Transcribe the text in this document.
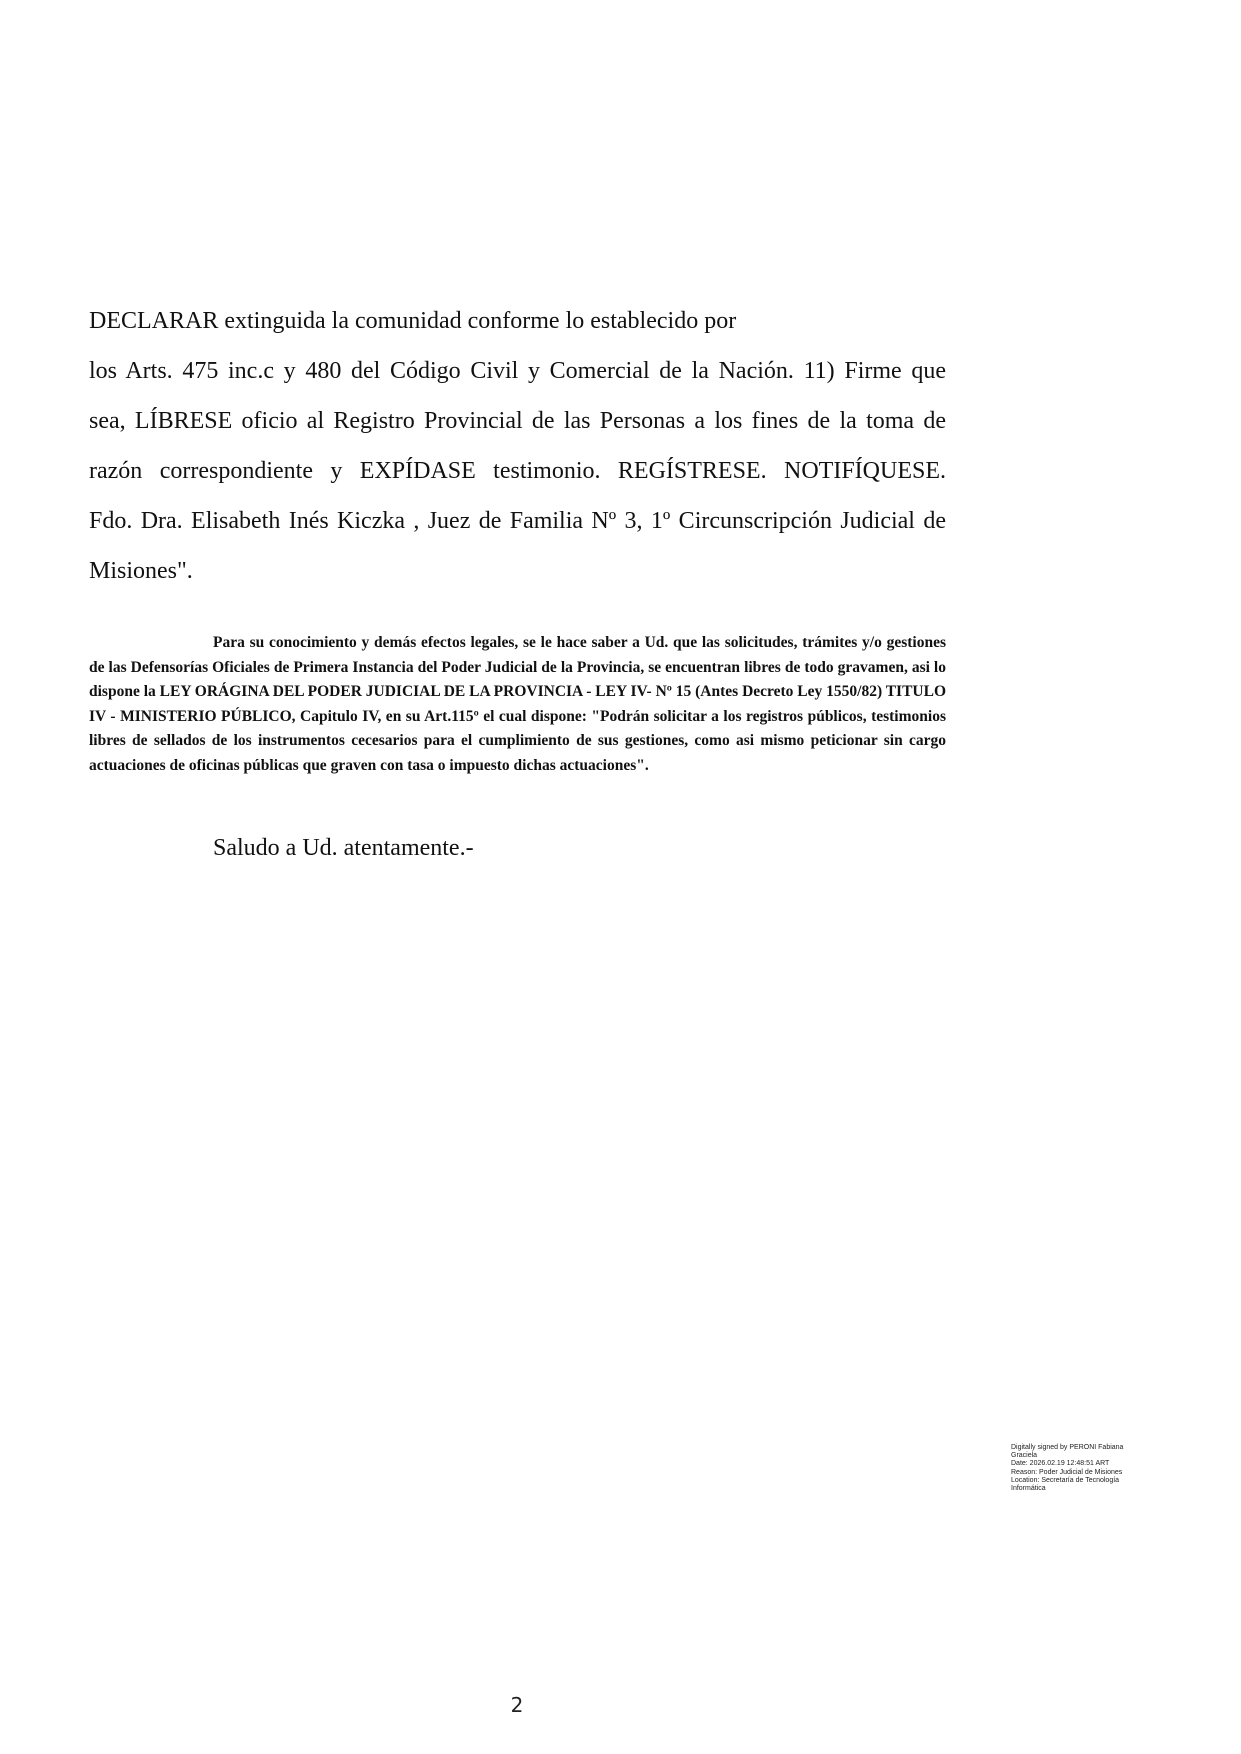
DECLARAR extinguida la comunidad conforme lo establecido por

los Arts. 475 inc.c y 480 del Código Civil y Comercial de la Nación. 11) Firme que

sea, LÍBRESE oficio al Registro Provincial de las Personas a los fines de la toma de

razón correspondiente y EXPÍDASE testimonio. REGÍSTRESE. NOTIFÍQUESE.

Fdo. Dra. Elisabeth Inés Kiczka , Juez de Familia Nº 3, 1º Circunscripción Judicial de

Misiones".

Para su conocimiento y demás efectos legales, se le hace saber a Ud. que las solicitudes, trámites y/o gestiones de las Defensorías Oficiales de Primera Instancia del Poder Judicial de la Provincia, se encuentran libres de todo gravamen, asi lo dispone la LEY ORÁGINA DEL PODER JUDICIAL DE LA PROVINCIA - LEY IV- Nº 15 (Antes Decreto Ley 1550/82) TITULO IV - MINISTERIO PÚBLICO, Capitulo IV, en su Art.115º el cual dispone: "Podrán solicitar a los registros públicos, testimonios libres de sellados de los instrumentos cecesarios para el cumplimiento de sus gestiones, como asi mismo peticionar sin cargo actuaciones de oficinas públicas que graven con tasa o impuesto dichas actuaciones".

Saludo a Ud. atentamente.-

Digitally signed by PERONI Fabiana
Graciela
Date: 2026.02.19 12:48:51 ART
Reason: Poder Judicial de Misiones
Location: Secretaría de Tecnología
Informática
2
